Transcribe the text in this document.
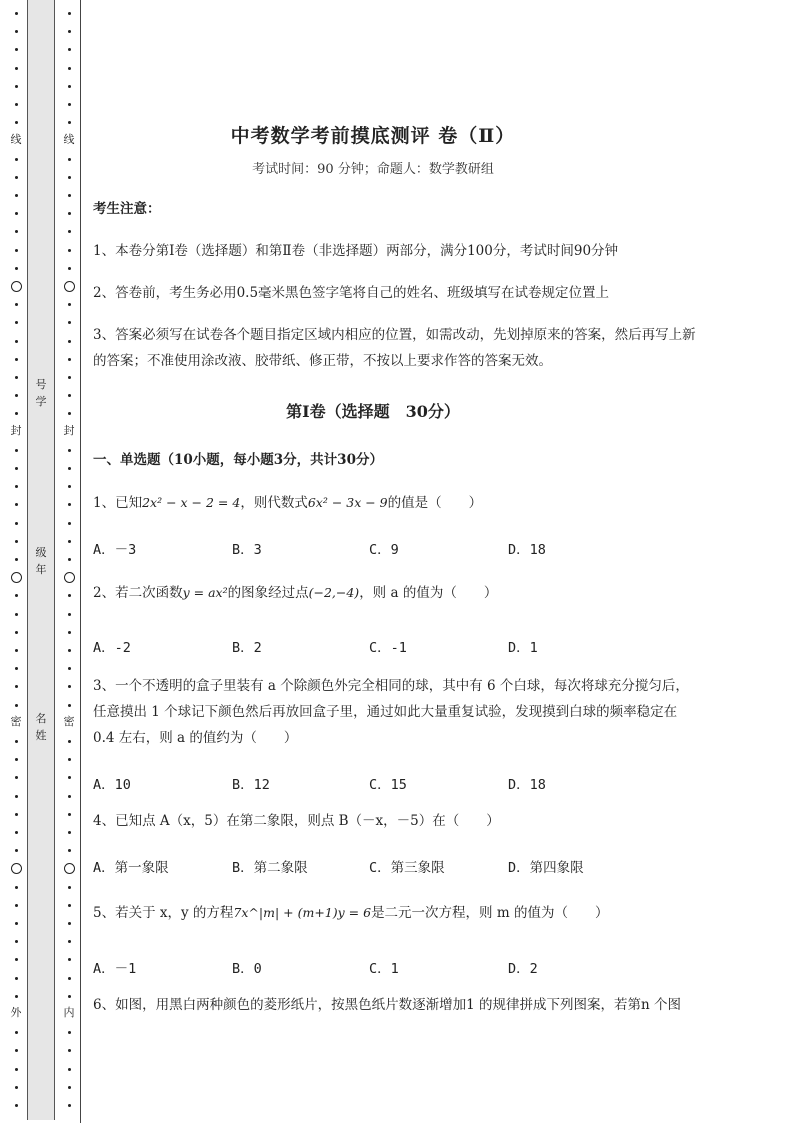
线
封
密
外
号
学
级
年
名
姓
线
封
密
内
中考数学考前摸底测评 卷（Ⅱ）
考试时间：90 分钟；命题人：数学教研组
考生注意：
1、本卷分第Ⅰ卷（选择题）和第Ⅱ卷（非选择题）两部分，满分100分，考试时间90分钟
2、答卷前，考生务必用0.5毫米黑色签字笔将自己的姓名、班级填写在试卷规定位置上
3、答案必须写在试卷各个题目指定区域内相应的位置，如需改动，先划掉原来的答案，然后再写上新
的答案；不准使用涂改液、胶带纸、修正带，不按以上要求作答的答案无效。
第Ⅰ卷（选择题　30分）
一、单选题（10小题，每小题3分，共计30分）
1、已知2x² − x − 2 = 4，则代数式6x² − 3x − 9的值是（　　）
A．－3	B．3	C．9	D．18
2、若二次函数y = ax²的图象经过点(−2,−4)，则 a 的值为（　　）
A．-2	B．2	C．-1	D．1
3、一个不透明的盒子里装有 a 个除颜色外完全相同的球，其中有 6 个白球，每次将球充分搅匀后，
任意摸出 1 个球记下颜色然后再放回盒子里，通过如此大量重复试验，发现摸到白球的频率稳定在
0.4 左右，则 a 的值约为（　　）
A．10	B．12	C．15	D．18
4、已知点 A（x，5）在第二象限，则点 B（－x，－5）在（　　）
A．第一象限	B．第二象限	C．第三象限	D．第四象限
5、若关于 x，y 的方程7x^|m| + (m+1)y = 6是二元一次方程，则 m 的值为（　　）
A．－1	B．0	C．1	D．2
6、如图，用黑白两种颜色的菱形纸片，按黑色纸片数逐渐增加1 的规律拼成下列图案，若第n 个图
